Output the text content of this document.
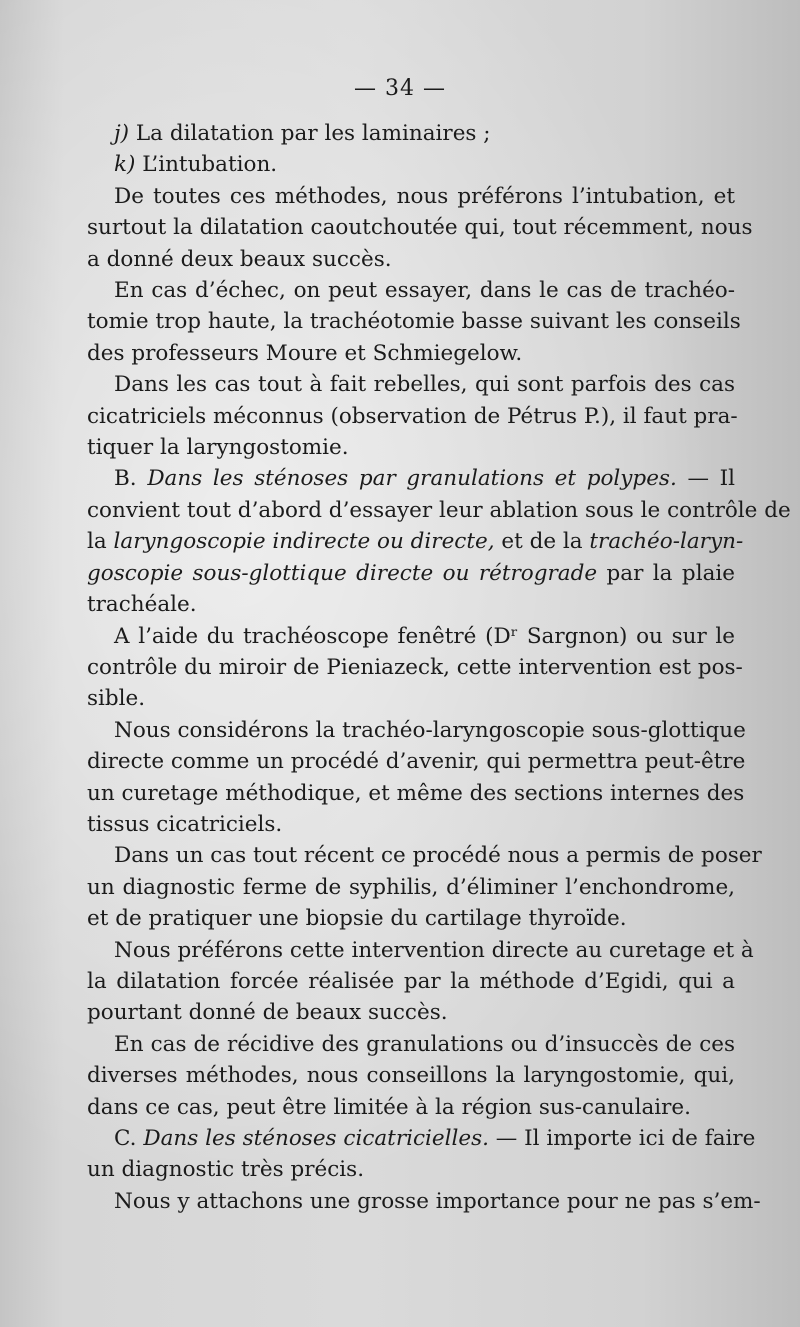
— 34 —
j) La dilatation par les laminaires ;
k) L’intubation.
De toutes ces méthodes, nous préférons l’intubation, et
surtout la dilatation caoutchoutée qui, tout récemment, nous
a donné deux beaux succès.
En cas d’échec, on peut essayer, dans le cas de trachéo-
tomie trop haute, la trachéotomie basse suivant les conseils
des professeurs Moure et Schmiegelow.
Dans les cas tout à fait rebelles, qui sont parfois des cas
cicatriciels méconnus (observation de Pétrus P.), il faut pra-
tiquer la laryngostomie.
B. Dans les sténoses par granulations et polypes. — Il
convient tout d’abord d’essayer leur ablation sous le contrôle de
la laryngoscopie indirecte ou directe, et de la trachéo-laryn-
goscopie sous-glottique directe ou rétrograde par la plaie
trachéale.
A l’aide du trachéoscope fenêtré (Dʳ Sargnon) ou sur le
contrôle du miroir de Pieniazeck, cette intervention est pos-
sible.
Nous considérons la trachéo-laryngoscopie sous-glottique
directe comme un procédé d’avenir, qui permettra peut-être
un curetage méthodique, et même des sections internes des
tissus cicatriciels.
Dans un cas tout récent ce procédé nous a permis de poser
un diagnostic ferme de syphilis, d’éliminer l’enchondrome,
et de pratiquer une biopsie du cartilage thyroïde.
Nous préférons cette intervention directe au curetage et à
la dilatation forcée réalisée par la méthode d’Egidi, qui a
pourtant donné de beaux succès.
En cas de récidive des granulations ou d’insuccès de ces
diverses méthodes, nous conseillons la laryngostomie, qui,
dans ce cas, peut être limitée à la région sus-canulaire.
C. Dans les sténoses cicatricielles. — Il importe ici de faire
un diagnostic très précis.
Nous y attachons une grosse importance pour ne pas s’em-
